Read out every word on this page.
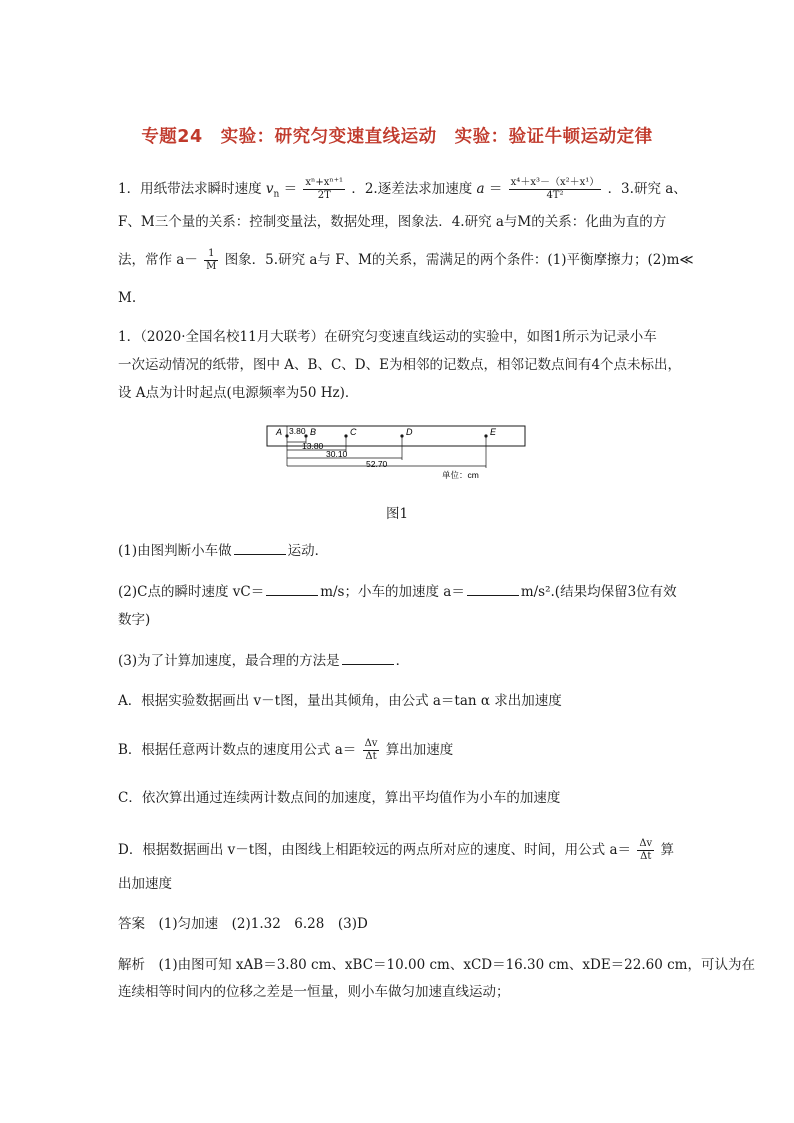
专题24　实验：研究匀变速直线运动　实验：验证牛顿运动定律
1．用纸带法求瞬时速度 $v_n = \frac{\text{xⁿ+xⁿ⁺¹}}{2T}$ ．2.逐差法求加速度 $a = \frac{\text{x⁴＋x³－（x²＋x¹）}}{\text{4T²}}$ ．3.研究 a、
F、M三个量的关系：控制变量法，数据处理，图象法．4.研究 a与M的关系：化曲为直的方
法，常作 $a- \frac{1}{M}$ 图象．5.研究 a与 F、M的关系，需满足的两个条件：(1)平衡摩擦力；(2)m≪
M.
1．（2020·全国名校11月大联考）在研究匀变速直线运动的实验中，如图1所示为记录小车
一次运动情况的纸带，图中 A、B、C、D、E为相邻的记数点，相邻记数点间有4个点未标出，
设 A点为计时起点(电源频率为50 Hz)．
A	B	C	D	E
3.80
13.80
30.10
52.70
单位：cm
图1
(1)由图判断小车做	运动．
(2)C点的瞬时速度 vC＝	m/s；小车的加速度 a＝	m/s².(结果均保留3位有效
数字)
(3)为了计算加速度，最合理的方法是	．
A．根据实验数据画出 v－t图，量出其倾角，由公式 a＝tan α 求出加速度
B．根据任意两计数点的速度用公式 $a= \frac{\Delta v}{\Delta t}$ 算出加速度
C．依次算出通过连续两计数点间的加速度，算出平均值作为小车的加速度
D．根据数据画出 v－t图，由图线上相距较远的两点所对应的速度、时间，用公式 $a= \frac{\Delta v}{\Delta t}$ 算
出加速度
答案　(1)匀加速　(2)1.32　6.28　(3)D
解析　(1)由图可知 xAB＝3.80 cm、xBC＝10.00 cm、xCD＝16.30 cm、xDE＝22.60 cm，可认为在
连续相等时间内的位移之差是一恒量，则小车做匀加速直线运动；
